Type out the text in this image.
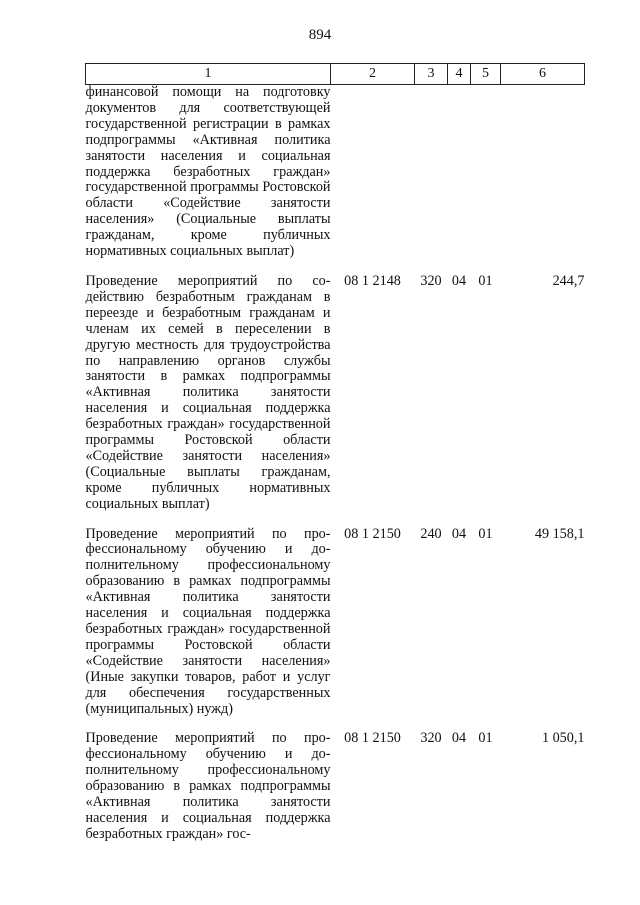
894
1	2	3	4	5	6
финансовой помощи на подготовку документов для соответствующей государственной регистрации в рамках подпрограммы «Активная политика занятости населения и социальная поддержка безработных граждан» государственной программы Ростовской области «Содействие занятости населения» (Социальные выплаты гражданам, кроме публичных нормативных социальных выплат)					
Проведение мероприятий по содействию безработным гражданам в переезде и безработным гражданам и членам их семей в переселении в другую местность для трудоустройства по направлению органов службы занятости в рамках подпрограммы «Активная политика занятости населения и социальная поддержка безработных граждан» государственной программы Ростовской области «Содействие занятости населения» (Социальные выплаты гражданам, кроме публичных нормативных социальных выплат)	08 1 2148	320	04	01	244,7
Проведение мероприятий по профессиональному обучению и дополнительному профессиональному образованию в рамках подпрограммы «Активная политика занятости населения и социальная поддержка безработных граждан» государственной программы Ростовской области «Содействие занятости населения» (Иные закупки товаров, работ и услуг для обеспечения государственных (муниципальных) нужд)	08 1 2150	240	04	01	49 158,1
Проведение мероприятий по профессиональному обучению и дополнительному профессиональному образованию в рамках подпрограммы «Активная политика занятости населения и социальная поддержка безработных граждан» гос-	08 1 2150	320	04	01	1 050,1
